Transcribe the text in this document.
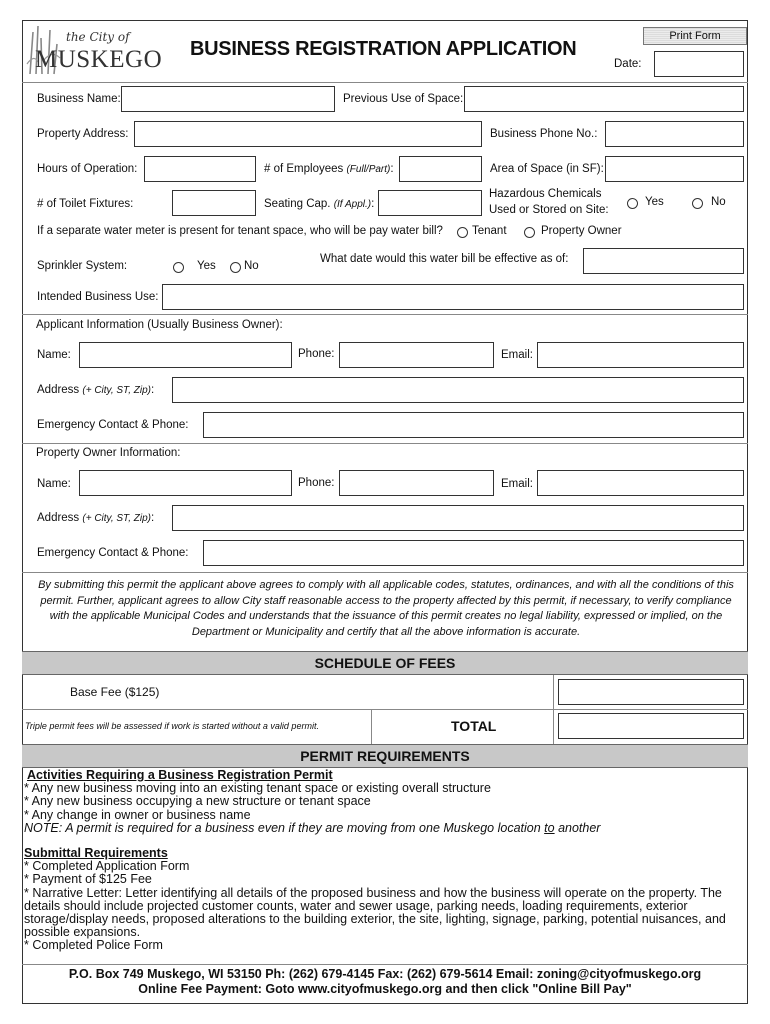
the City of
MUSKEGO BUSINESS REGISTRATION APPLICATION
Print Form
Date:
Business Name:	Previous Use of Space:
Property Address:	Business Phone No.:
Hours of Operation:	# of Employees (Full/Part):	Area of Space (in SF):
# of Toilet Fixtures:	Seating Cap. (If Appl.):
Hazardous Chemicals
Used or Stored on Site:
Yes	No
If a separate water meter is present for tenant space, who will be pay water bill?	Tenant	Property Owner
Sprinkler System:	Yes No
What date would this water bill be effective as of:
Intended Business Use:
Applicant Information (Usually Business Owner):
Name:	Phone:	Email:
Address (+ City, ST, Zip):
Emergency Contact & Phone:
Property Owner Information:
Name:	Phone:	Email:
Address (+ City, ST, Zip):
Emergency Contact & Phone:
By submitting this permit the applicant above agrees to comply with all applicable codes, statutes, ordinances, and with all the conditions of this permit. Further, applicant agrees to allow City staff reasonable access to the property affected by this permit, if necessary, to verify compliance with the applicable Municipal Codes and understands that the issuance of this permit creates no legal liability, expressed or implied, on the Department or Municipality and certify that all the above information is accurate.
SCHEDULE OF FEES
Base Fee ($125)
Triple permit fees will be assessed if work is started without a valid permit.	TOTAL
PERMIT REQUIREMENTS
Activities Requiring a Business Registration Permit
* Any new business moving into an existing tenant space or existing overall structure
* Any new business occupying a new structure or tenant space
* Any change in owner or business name
NOTE: A permit is required for a business even if they are moving from one Muskego location to another
Submittal Requirements
* Completed Application Form
* Payment of $125 Fee
* Narrative Letter: Letter identifying all details of the proposed business and how the business will operate on the property. The details should include projected customer counts, water and sewer usage, parking needs, loading requirements, exterior storage/display needs, proposed alterations to the building exterior, the site, lighting, signage, parking, potential nuisances, and possible expansions.
* Completed Police Form
P.O. Box 749 Muskego, WI 53150 Ph: (262) 679-4145 Fax: (262) 679-5614 Email: zoning@cityofmuskego.org
Online Fee Payment: Goto www.cityofmuskego.org and then click "Online Bill Pay"
